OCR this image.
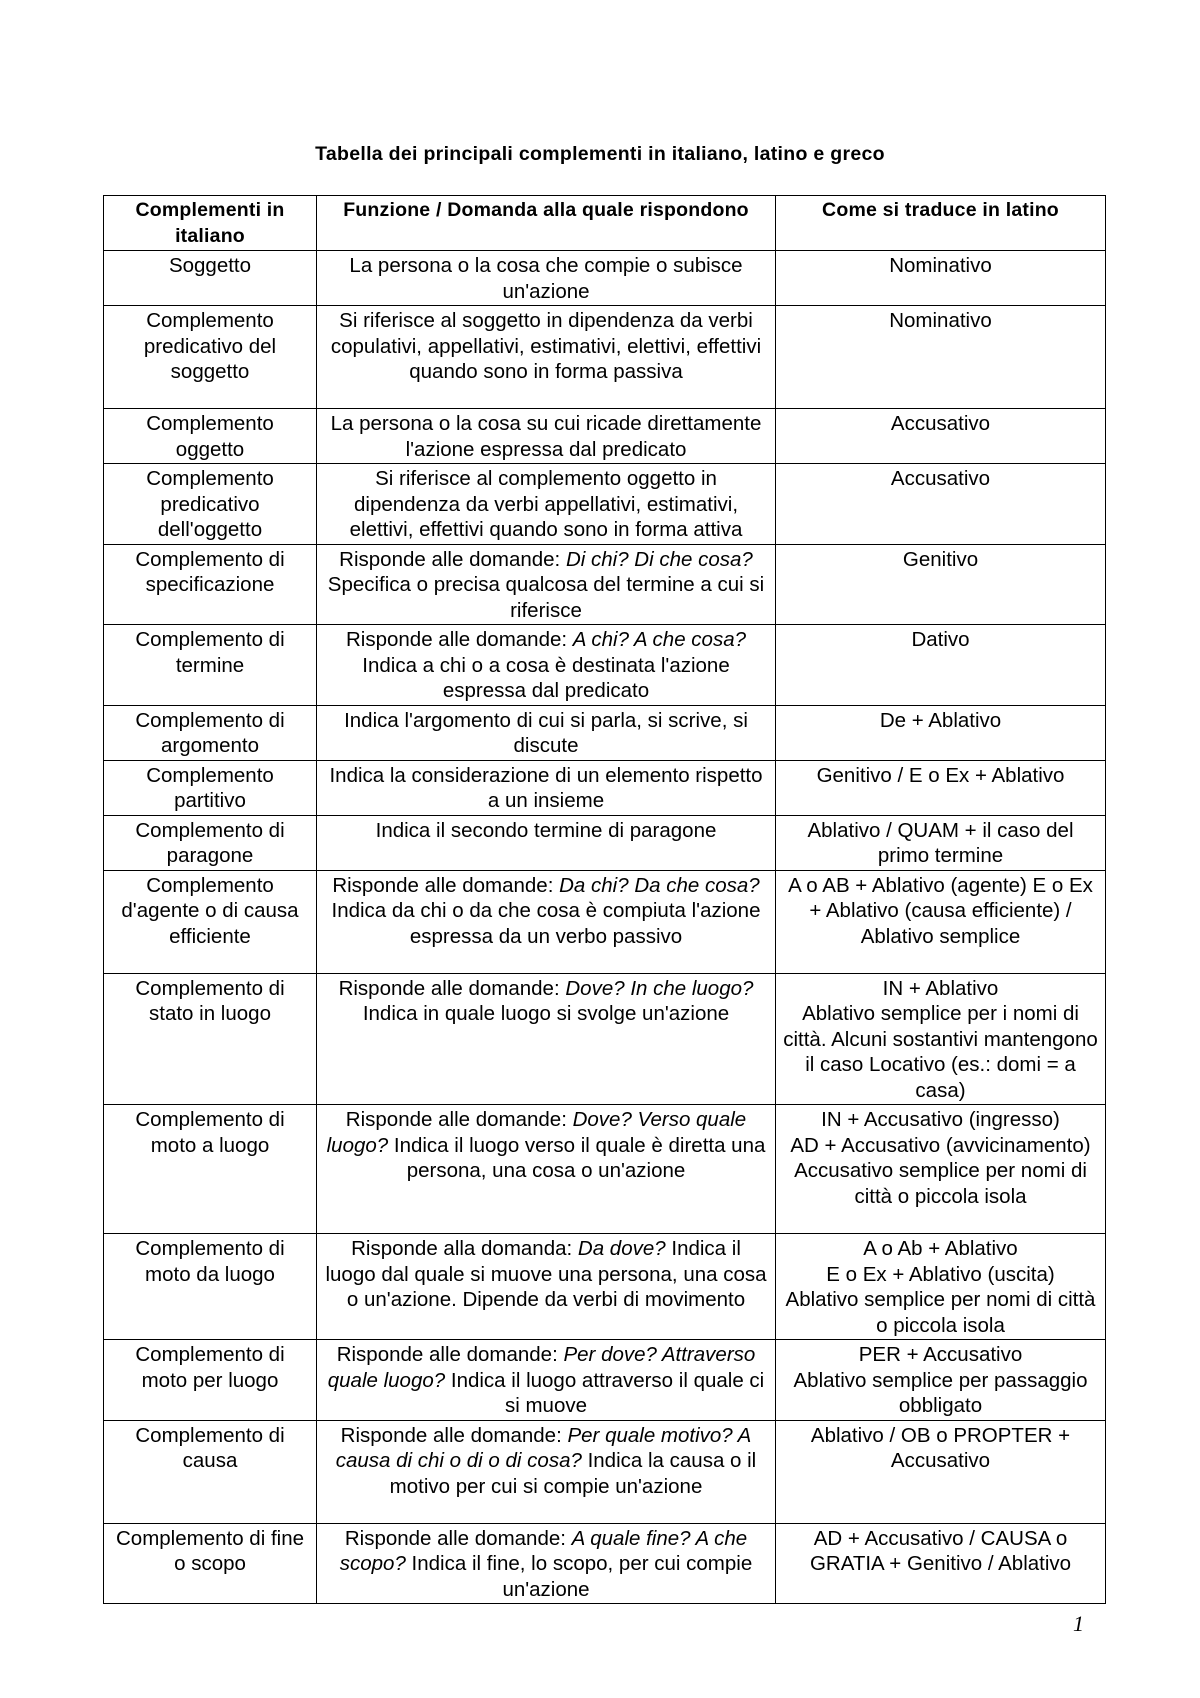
Tabella dei principali complementi in italiano, latino e greco
Complementi in italiano	Funzione / Domanda alla quale rispondono	Come si traduce in latino
Soggetto	La persona o la cosa che compie o subisce un'azione	Nominativo

Complemento predicativo del soggetto	Si riferisce al soggetto in dipendenza da verbi copulativi, appellativi, estimativi, elettivi, effettivi quando sono in forma passiva	Nominativo

Complemento oggetto	La persona o la cosa su cui ricade direttamente l'azione espressa dal predicato	Accusativo

Complemento predicativo dell'oggetto	Si riferisce al complemento oggetto in dipendenza da verbi appellativi, estimativi, elettivi, effettivi quando sono in forma attiva	Accusativo

Complemento di specificazione	Risponde alle domande: Di chi? Di che cosa? Specifica o precisa qualcosa del termine a cui si riferisce	Genitivo

Complemento di termine	Risponde alle domande: A chi? A che cosa? Indica a chi o a cosa è destinata l'azione espressa dal predicato	Dativo

Complemento di argomento	Indica l'argomento di cui si parla, si scrive, si discute	De + Ablativo

Complemento partitivo	Indica la considerazione di un elemento rispetto a un insieme	Genitivo / E o Ex + Ablativo

Complemento di paragone	Indica il secondo termine di paragone	Ablativo / QUAM + il caso del primo termine

Complemento d'agente o di causa efficiente	Risponde alle domande: Da chi? Da che cosa? Indica da chi o da che cosa è compiuta l'azione espressa da un verbo passivo	A o AB + Ablativo (agente) E o Ex + Ablativo (causa efficiente) / Ablativo semplice

Complemento di stato in luogo	Risponde alle domande: Dove? In che luogo? Indica in quale luogo si svolge un'azione	IN + Ablativo
Ablativo semplice per i nomi di città. Alcuni sostantivi mantengono il caso Locativo (es.: domi = a casa)

Complemento di moto a luogo	Risponde alle domande: Dove? Verso quale luogo? Indica il luogo verso il quale è diretta una persona, una cosa o un'azione	IN + Accusativo (ingresso)
AD + Accusativo (avvicinamento)
Accusativo semplice per nomi di città o piccola isola

Complemento di moto da luogo	Risponde alla domanda: Da dove? Indica il luogo dal quale si muove una persona, una cosa o un'azione. Dipende da verbi di movimento	A o Ab + Ablativo
E o Ex + Ablativo (uscita)
Ablativo semplice per nomi di città o piccola isola

Complemento di moto per luogo	Risponde alle domande: Per dove? Attraverso quale luogo? Indica il luogo attraverso il quale ci si muove	PER + Accusativo
Ablativo semplice per passaggio obbligato

Complemento di causa	Risponde alle domande: Per quale motivo? A causa di chi o di o di cosa? Indica la causa o il motivo per cui si compie un'azione	Ablativo / OB o PROPTER + Accusativo

Complemento di fine o scopo	Risponde alle domande: A quale fine? A che scopo? Indica il fine, lo scopo, per cui compie un'azione	AD + Accusativo / CAUSA o GRATIA + Genitivo / Ablativo
1
